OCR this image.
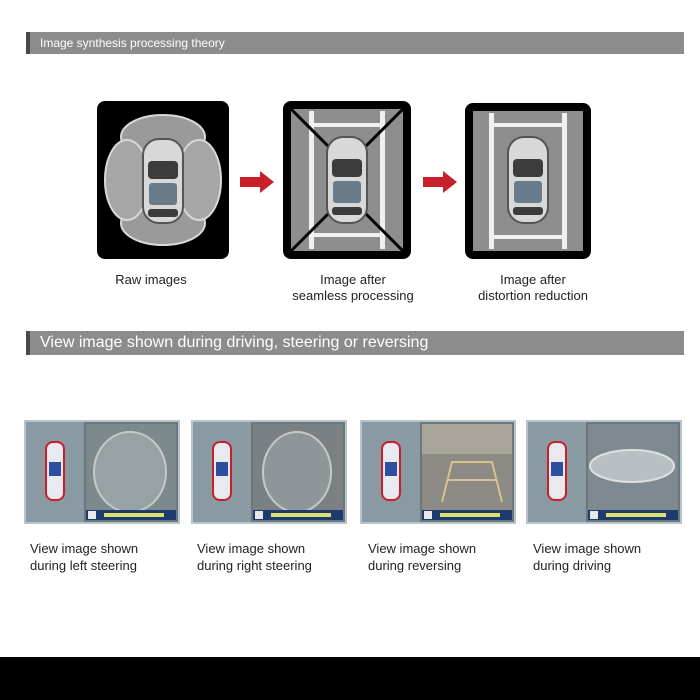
Image synthesis processing theory
Raw images	Image after
seamless processing
Image after
distortion reduction
View image shown during driving, steering or reversing
View image shown
during left steering
View image shown
during right steering
View image shown
during reversing
View image shown
during driving
